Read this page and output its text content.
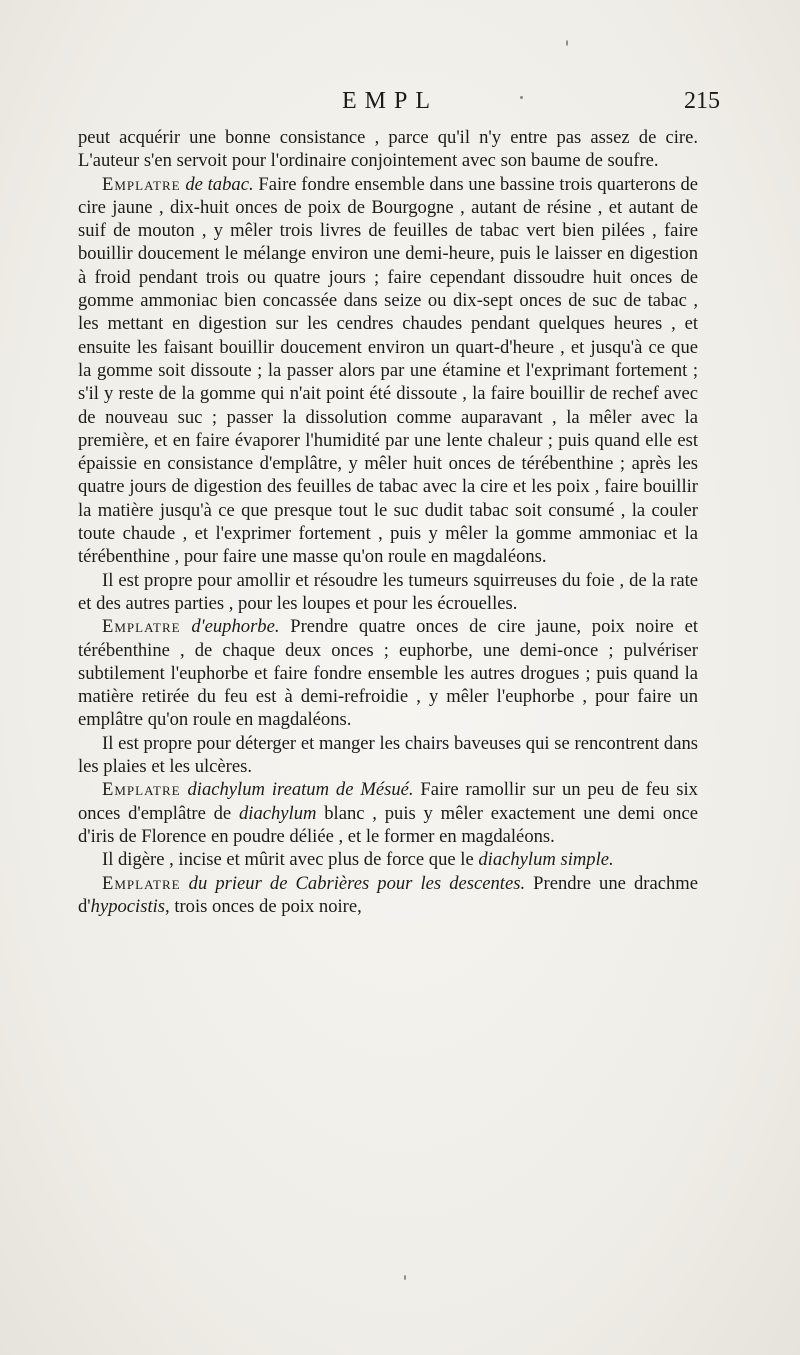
EMPL	215

peut acquérir une bonne consistance , parce qu'il n'y entre pas assez de cire. L'auteur s'en servoit pour l'ordinaire conjointement avec son baume de soufre.

Emplatre de tabac. Faire fondre ensemble dans une bassine trois quarterons de cire jaune , dix-huit onces de poix de Bourgogne , autant de résine , et autant de suif de mouton , y mêler trois livres de feuilles de tabac vert bien pilées , faire bouillir doucement le mélange environ une demi-heure, puis le laisser en digestion à froid pendant trois ou quatre jours ; faire cependant dissoudre huit onces de gomme ammoniac bien concassée dans seize ou dix-sept onces de suc de tabac , les mettant en digestion sur les cendres chaudes pendant quelques heures , et ensuite les faisant bouillir doucement environ un quart-d'heure , et jusqu'à ce que la gomme soit dissoute ; la passer alors par une étamine et l'exprimant fortement ; s'il y reste de la gomme qui n'ait point été dissoute , la faire bouillir de rechef avec de nouveau suc ; passer la dissolution comme auparavant , la mêler avec la première, et en faire évaporer l'humidité par une lente chaleur ; puis quand elle est épaissie en consistance d'emplâtre, y mêler huit onces de térébenthine ; après les quatre jours de digestion des feuilles de tabac avec la cire et les poix , faire bouillir la matière jusqu'à ce que presque tout le suc dudit tabac soit consumé , la couler toute chaude , et l'exprimer fortement , puis y mêler la gomme ammoniac et la térébenthine , pour faire une masse qu'on roule en magdaléons.

Il est propre pour amollir et résoudre les tumeurs squirreuses du foie , de la rate et des autres parties , pour les loupes et pour les écrouelles.

Emplatre d'euphorbe. Prendre quatre onces de cire jaune, poix noire et térébenthine , de chaque deux onces ; euphorbe, une demi-once ; pulvériser subtilement l'euphorbe et faire fondre ensemble les autres drogues ; puis quand la matière retirée du feu est à demi-refroidie , y mêler l'euphorbe , pour faire un emplâtre qu'on roule en magdaléons.

Il est propre pour déterger et manger les chairs baveuses qui se rencontrent dans les plaies et les ulcères.

Emplatre diachylum ireatum de Mésué. Faire ramollir sur un peu de feu six onces d'emplâtre de diachylum blanc , puis y mêler exactement une demi once d'iris de Florence en poudre déliée , et le former en magdaléons.

Il digère , incise et mûrit avec plus de force que le diachylum simple.

Emplatre du prieur de Cabrières pour les descentes. Prendre une drachme d'hypocistis, trois onces de poix noire,
